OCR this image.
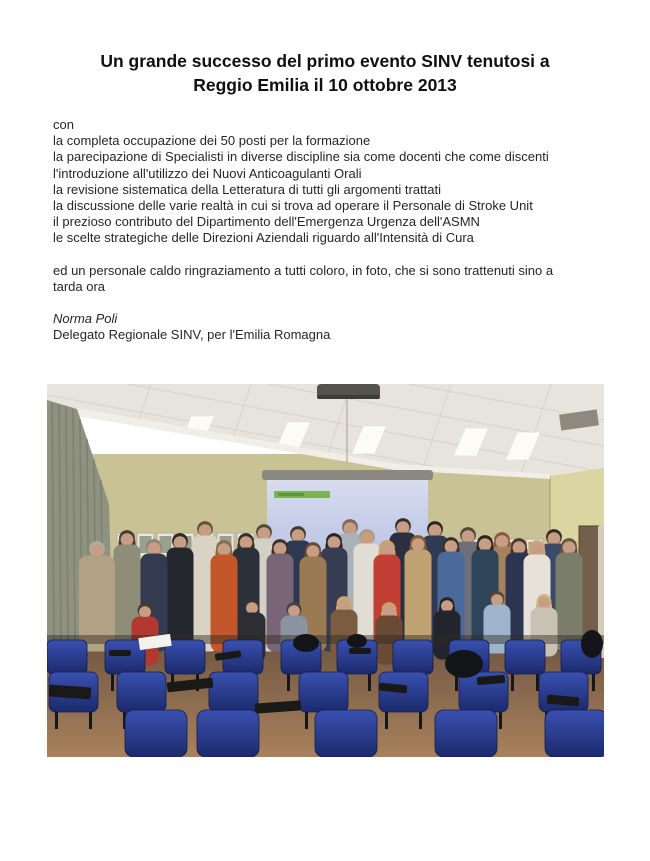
Un grande successo del primo evento SINV tenutosi a
Reggio Emilia il 10 ottobre 2013
con
la completa occupazione dei 50 posti per la formazione
la parecipazione di Specialisti in diverse discipline sia come docenti che come discenti
l'introduzione all'utilizzo dei Nuovi Anticoagulanti Orali
la revisione sistematica della Letteratura di tutti gli argomenti trattati
la discussione delle varie realtà in cui si trova ad operare il Personale di Stroke Unit
il prezioso contributo del Dipartimento dell'Emergenza Urgenza dell'ASMN
le scelte strategiche delle Direzioni Aziendali riguardo all'Intensità di Cura
ed un personale caldo ringraziamento a tutti coloro, in foto, che si sono trattenuti sino a
tarda ora
Norma Poli
Delegato Regionale SINV, per l'Emilia Romagna
